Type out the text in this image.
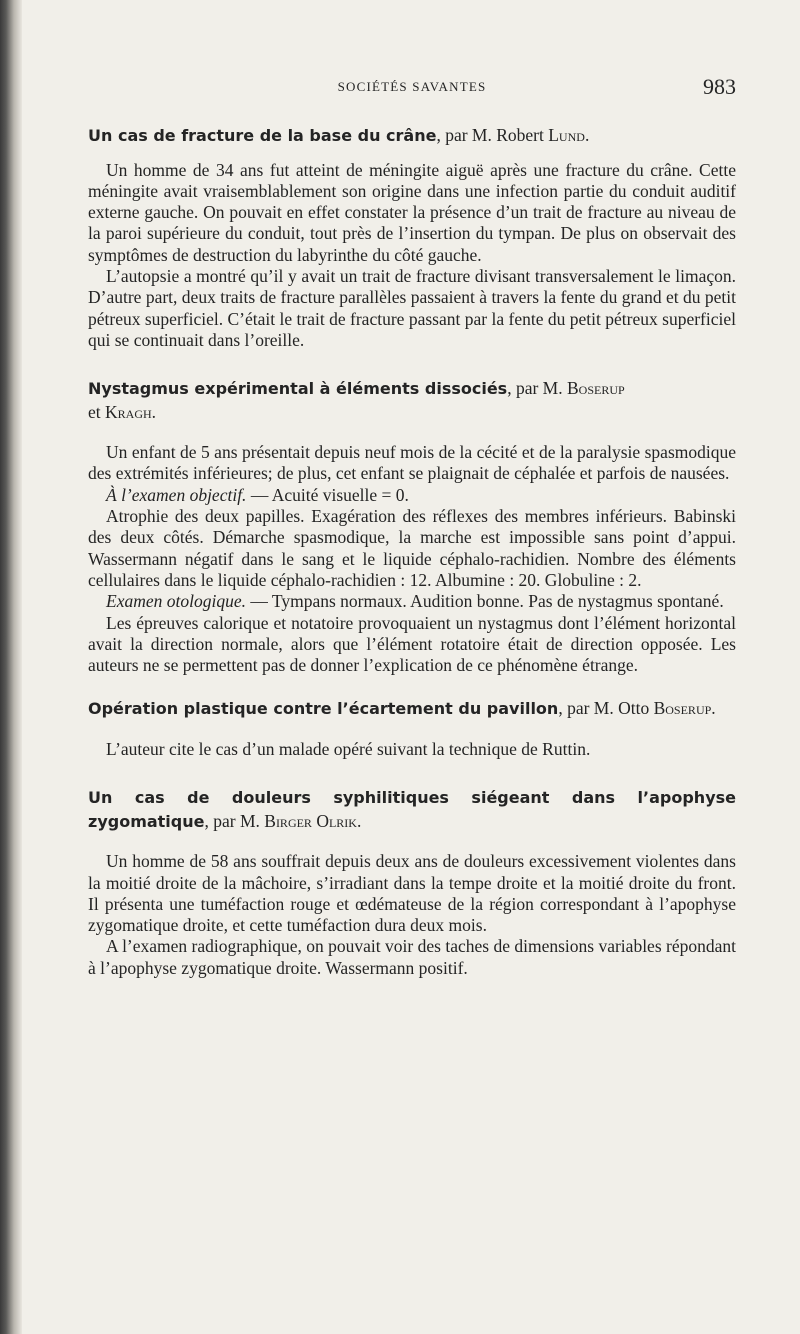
SOCIÉTÉS SAVANTES	983

Un cas de fracture de la base du crâne, par M. Robert Lund.

Un homme de 34 ans fut atteint de méningite aiguë après une fracture du crâne. Cette méningite avait vraisemblablement son origine dans une infection partie du conduit auditif externe gauche. On pouvait en effet constater la présence d’un trait de fracture au niveau de la paroi supérieure du conduit, tout près de l’insertion du tympan. De plus on observait des symptômes de destruction du labyrinthe du côté gauche.

L’autopsie a montré qu’il y avait un trait de fracture divisant transversalement le limaçon. D’autre part, deux traits de fracture parallèles passaient à travers la fente du grand et du petit pétreux superficiel. C’était le trait de fracture passant par la fente du petit pétreux superficiel qui se continuait dans l’oreille.

Nystagmus expérimental à éléments dissociés, par M. Boserup
et Kragh.

Un enfant de 5 ans présentait depuis neuf mois de la cécité et de la paralysie spasmodique des extrémités inférieures; de plus, cet enfant se plaignait de céphalée et parfois de nausées.

À l’examen objectif. — Acuité visuelle = 0.

Atrophie des deux papilles. Exagération des réflexes des membres inférieurs. Babinski des deux côtés. Démarche spasmodique, la marche est impossible sans point d’appui. Wassermann négatif dans le sang et le liquide céphalo-rachidien. Nombre des éléments cellulaires dans le liquide céphalo-rachidien : 12. Albumine : 20. Globuline : 2.

Examen otologique. — Tympans normaux. Audition bonne. Pas de nystagmus spontané.

Les épreuves calorique et notatoire provoquaient un nystagmus dont l’élément horizontal avait la direction normale, alors que l’élément rotatoire était de direction opposée. Les auteurs ne se permettent pas de donner l’explication de ce phénomène étrange.

Opération plastique contre l’écartement du pavillon, par M. Otto Boserup.

L’auteur cite le cas d’un malade opéré suivant la technique de Ruttin.

Un cas de douleurs syphilitiques siégeant dans l’apophyse zygomatique, par M. Birger Olrik.

Un homme de 58 ans souffrait depuis deux ans de douleurs excessivement violentes dans la moitié droite de la mâchoire, s’irradiant dans la tempe droite et la moitié droite du front. Il présenta une tuméfaction rouge et œdémateuse de la région correspondant à l’apophyse zygomatique droite, et cette tuméfaction dura deux mois.

A l’examen radiographique, on pouvait voir des taches de dimensions variables répondant à l’apophyse zygomatique droite. Wassermann positif.
